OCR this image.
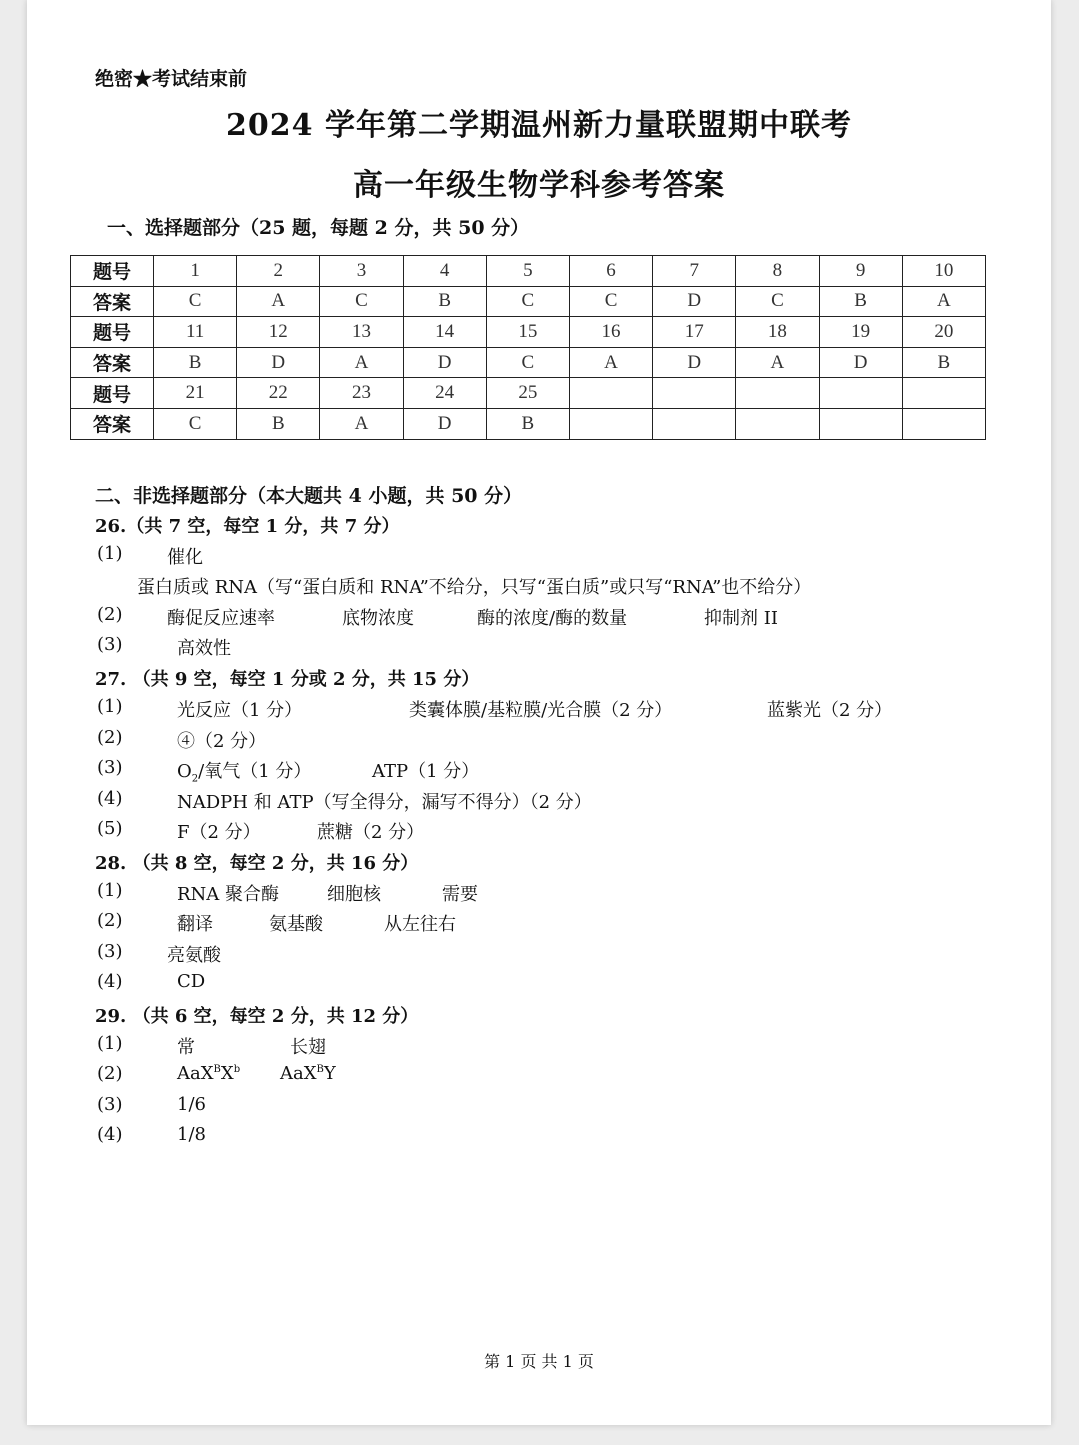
绝密★考试结束前
2024 学年第二学期温州新力量联盟期中联考
高一年级生物学科参考答案
一、选择题部分（25 题，每题 2 分，共 50 分）
题号	1	2	3	4	5	6	7	8	9	10
答案	C	A	C	B	C	C	D	C	B	A
题号	11	12	13	14	15	16	17	18	19	20
答案	B	D	A	D	C	A	D	A	D	B
题号	21	22	23	24	25					
答案	C	B	A	D	B					
二、非选择题部分（本大题共 4 小题，共 50 分）
26.（共 7 空，每空 1 分，共 7 分）
(1) 催化
蛋白质或 RNA（写“蛋白质和 RNA”不给分，只写“蛋白质”或只写“RNA”也不给分）
(2) 酶促反应速率	底物浓度	酶的浓度/酶的数量	抑制剂 II
(3)	高效性
27. （共 9 空，每空 1 分或 2 分，共 15 分）
(1)	光反应（1 分）	类囊体膜/基粒膜/光合膜（2 分）	蓝紫光（2 分）
(2)	④（2 分）
(3)	$O_2/$氧气（1 分）	ATP（1 分）
(4)	NADPH 和 ATP（写全得分，漏写不得分）（2 分）
(5)	F（2 分）	蔗糖（2 分）
28. （共 8 空，每空 2 分，共 16 分）
(1)	RNA 聚合酶	细胞核	需要
(2)	翻译	氨基酸	从左往右
(3) 亮氨酸
(4)	CD
29. （共 6 空，每空 2 分，共 12 分）
(1)	常	长翅
(2)	$AaX^BX^b$ AaX$^B$Y
(3)	1/6
(4)	1/8
第 1 页 共 1 页
